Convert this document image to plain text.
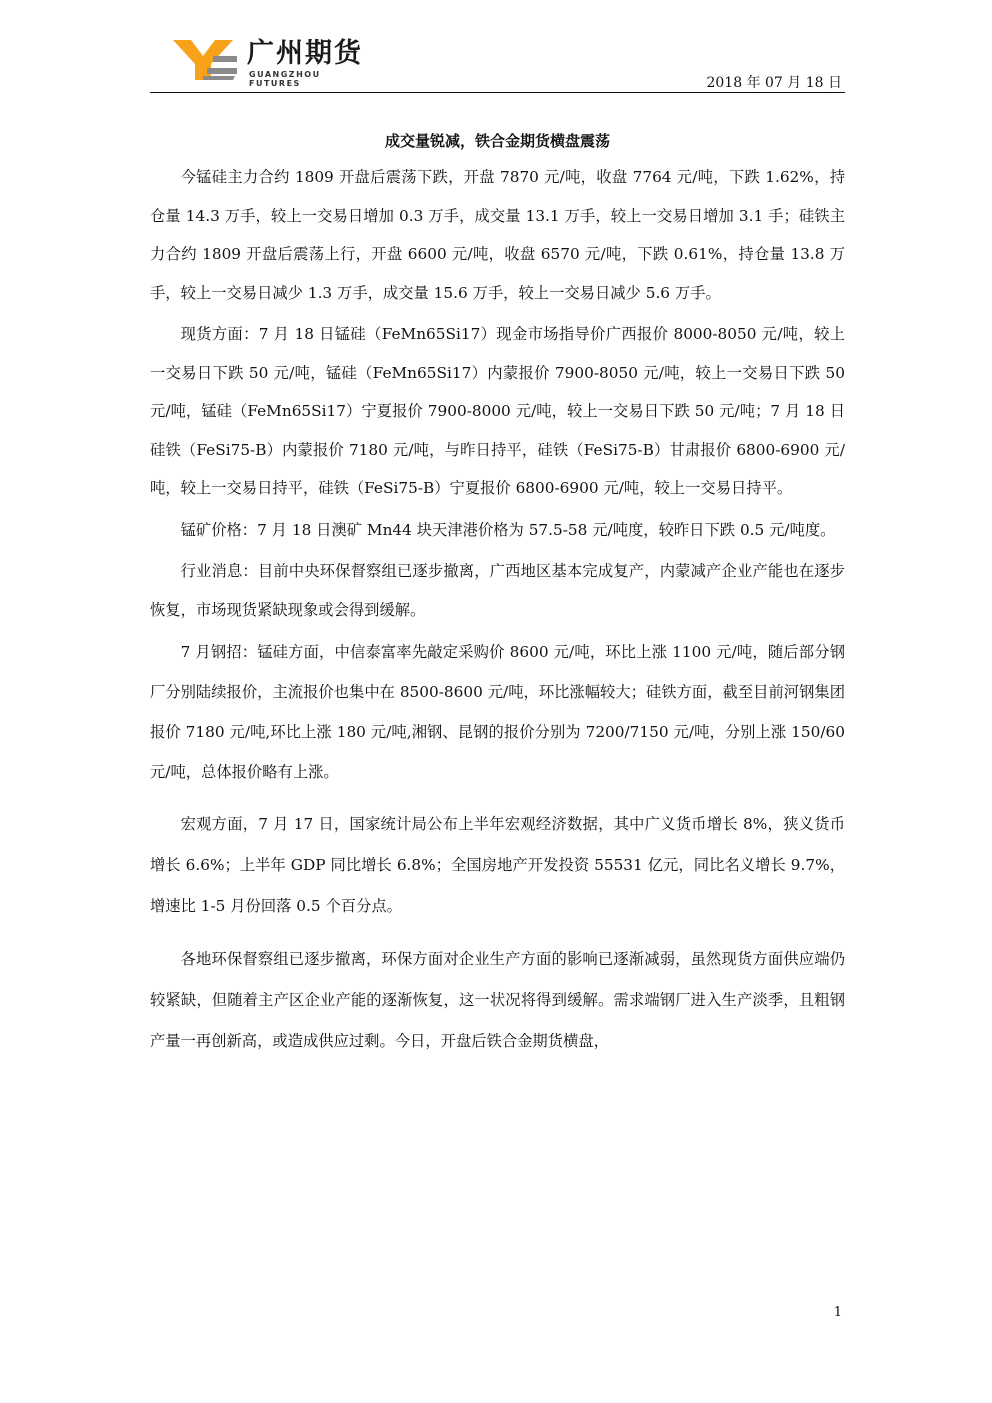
广州期货
GUANGZHOU FUTURES	2018 年 07 月 18 日
成交量锐减，铁合金期货横盘震荡

今锰硅主力合约 1809 开盘后震荡下跌，开盘 7870 元/吨，收盘 7764 元/吨，下跌 1.62%，持仓量 14.3 万手，较上一交易日增加 0.3 万手，成交量 13.1 万手，较上一交易日增加 3.1 手；硅铁主力合约 1809 开盘后震荡上行，开盘 6600 元/吨，收盘 6570 元/吨，下跌 0.61%，持仓量 13.8 万手，较上一交易日减少 1.3 万手，成交量 15.6 万手，较上一交易日减少 5.6 万手。

现货方面：7 月 18 日锰硅（FeMn65Si17）现金市场指导价广西报价 8000-8050 元/吨，较上一交易日下跌 50 元/吨，锰硅（FeMn65Si17）内蒙报价 7900-8050 元/吨，较上一交易日下跌 50 元/吨，锰硅（FeMn65Si17）宁夏报价 7900-8000 元/吨，较上一交易日下跌 50 元/吨；7 月 18 日硅铁（FeSi75-B）内蒙报价 7180 元/吨，与昨日持平，硅铁（FeSi75-B）甘肃报价 6800-6900 元/吨，较上一交易日持平，硅铁（FeSi75-B）宁夏报价 6800-6900 元/吨，较上一交易日持平。

锰矿价格：7 月 18 日澳矿 Mn44 块天津港价格为 57.5-58 元/吨度，较昨日下跌 0.5 元/吨度。

行业消息：目前中央环保督察组已逐步撤离，广西地区基本完成复产，内蒙减产企业产能也在逐步恢复，市场现货紧缺现象或会得到缓解。

7 月钢招：锰硅方面，中信泰富率先敲定采购价 8600 元/吨，环比上涨 1100 元/吨，随后部分钢厂分别陆续报价，主流报价也集中在 8500-8600 元/吨，环比涨幅较大；硅铁方面，截至目前河钢集团报价 7180 元/吨,环比上涨 180 元/吨,湘钢、昆钢的报价分别为 7200/7150 元/吨，分别上涨 150/60 元/吨，总体报价略有上涨。

宏观方面，7 月 17 日，国家统计局公布上半年宏观经济数据，其中广义货币增长 8%，狭义货币增长 6.6%；上半年 GDP 同比增长 6.8%；全国房地产开发投资 55531 亿元，同比名义增长 9.7%，增速比 1-5 月份回落 0.5 个百分点。

各地环保督察组已逐步撤离，环保方面对企业生产方面的影响已逐渐减弱，虽然现货方面供应端仍较紧缺，但随着主产区企业产能的逐渐恢复，这一状况将得到缓解。需求端钢厂进入生产淡季，且粗钢产量一再创新高，或造成供应过剩。今日，开盘后铁合金期货横盘，

1
